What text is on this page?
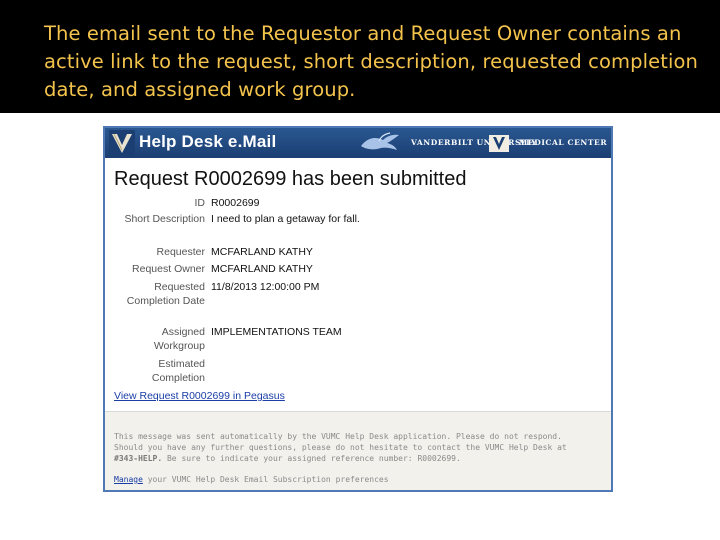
The email sent to the Requestor and Request Owner contains an active link to the request, short description, requested completion date, and assigned work group.
Help Desk e.Mail	VANDERBILT UNIVERSITY
MEDICAL CENTER
Request R0002699 has been submitted
ID R0002699
Short Description I need to plan a getaway for fall.
Requester MCFARLAND KATHY
Request Owner MCFARLAND KATHY
Requested Completion Date
11/8/2013 12:00:00 PM
Assigned Workgroup
IMPLEMENTATIONS TEAM
Estimated Completion
View Request R0002699 in Pegasus
This message was sent automatically by the VUMC Help Desk application. Please do not respond.
Should you have any further questions, please do not hesitate to contact the VUMC Help Desk at
#343-HELP. Be sure to indicate your assigned reference number: R0002699.
Manage your VUMC Help Desk Email Subscription preferences
